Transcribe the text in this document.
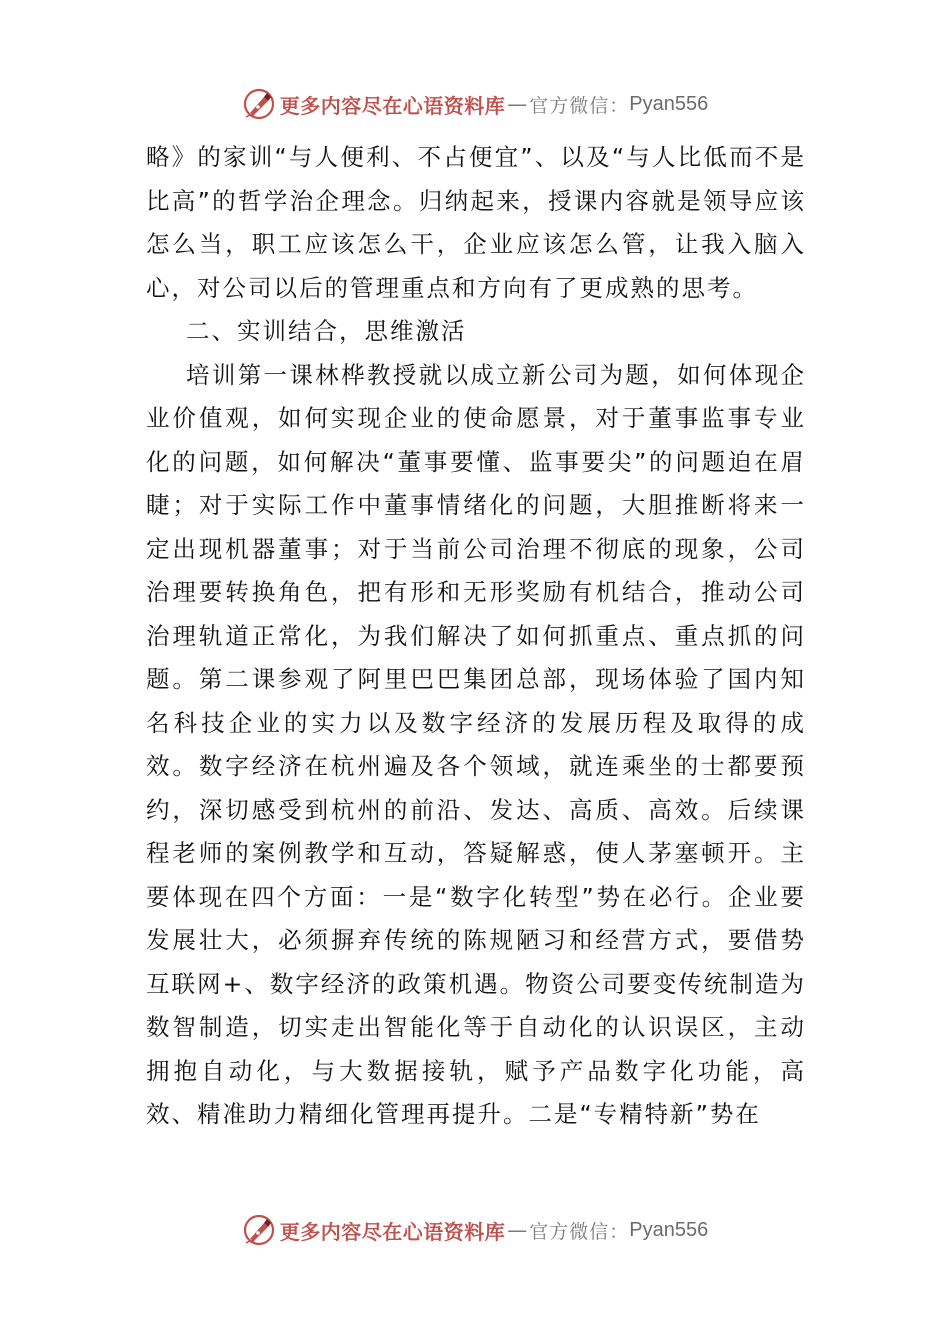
更多内容尽在心语资料库 — 官方微信： Pyan556

略》的家训“与人便利、不占便宜”、以及“与人比低而不是比高”的哲学治企理念。归纳起来，授课内容就是领导应该怎么当，职工应该怎么干，企业应该怎么管，让我入脑入心，对公司以后的管理重点和方向有了更成熟的思考。

二、实训结合，思维激活

培训第一课林桦教授就以成立新公司为题，如何体现企业价值观，如何实现企业的使命愿景，对于董事监事专业化的问题，如何解决“董事要懂、监事要尖”的问题迫在眉睫；对于实际工作中董事情绪化的问题，大胆推断将来一定出现机器董事；对于当前公司治理不彻底的现象，公司治理要转换角色，把有形和无形奖励有机结合，推动公司治理轨道正常化，为我们解决了如何抓重点、重点抓的问题。第二课参观了阿里巴巴集团总部，现场体验了国内知名科技企业的实力以及数字经济的发展历程及取得的成效。数字经济在杭州遍及各个领域，就连乘坐的士都要预约，深切感受到杭州的前沿、发达、高质、高效。后续课程老师的案例教学和互动，答疑解惑，使人茅塞顿开。主要体现在四个方面：一是“数字化转型”势在必行。企业要发展壮大，必须摒弃传统的陈规陋习和经营方式，要借势互联网+、数字经济的政策机遇。物资公司要变传统制造为数智制造，切实走出智能化等于自动化的认识误区，主动拥抱自动化，与大数据接轨，赋予产品数字化功能，高效、精准助力精细化管理再提升。二是“专精特新”势在

更多内容尽在心语资料库 — 官方微信： Pyan556
